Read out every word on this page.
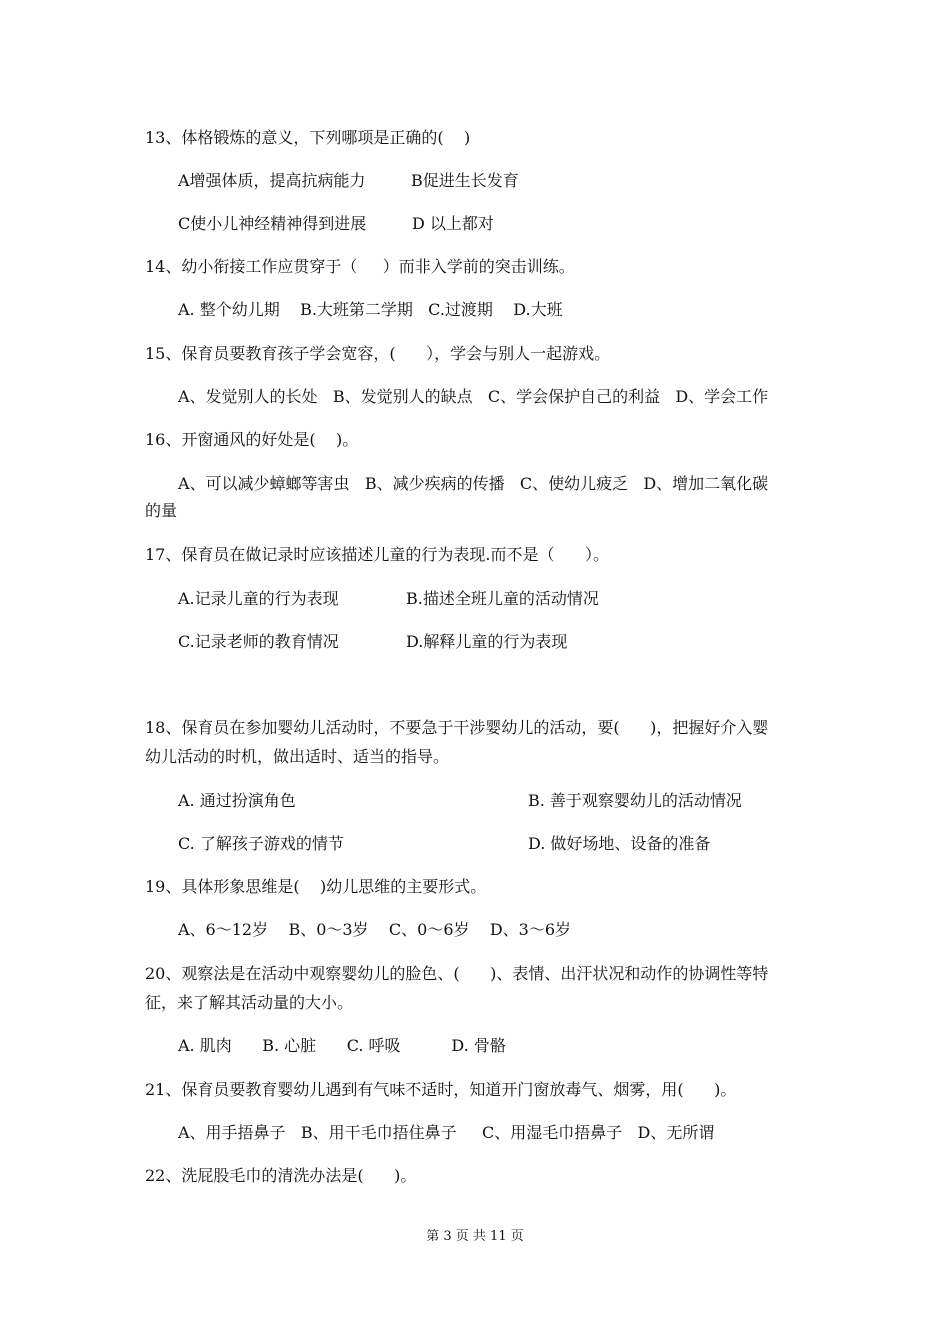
13、体格锻炼的意义，下列哪项是正确的(    )
A增强体质，提高抗病能力	B促进生长发育
C使小儿神经精神得到进展	D 以上都对
14、幼小衔接工作应贯穿于（     ）而非入学前的突击训练。
A. 整个幼儿期    B.大班第二学期   C.过渡期    D.大班
15、保育员要教育孩子学会宽容，(      ），学会与别人一起游戏。
A、发觉别人的长处   B、发觉别人的缺点   C、学会保护自己的利益   D、学会工作
16、开窗通风的好处是(    )。
A、可以减少蟑螂等害虫   B、减少疾病的传播   C、使幼儿疲乏   D、增加二氧化碳
的量
17、保育员在做记录时应该描述儿童的行为表现.而不是（      ）。
A.记录儿童的行为表现	B.描述全班儿童的活动情况
C.记录老师的教育情况	D.解释儿童的行为表现
18、保育员在参加婴幼儿活动时，不要急于干涉婴幼儿的活动，要(      )，把握好介入婴
幼儿活动的时机，做出适时、适当的指导。
A. 通过扮演角色	B. 善于观察婴幼儿的活动情况
C. 了解孩子游戏的情节	D. 做好场地、设备的准备
19、具体形象思维是(    )幼儿思维的主要形式。
A、6～12岁    B、0～3岁    C、0～6岁    D、3～6岁
20、观察法是在活动中观察婴幼儿的脸色、(      )、表情、出汗状况和动作的协调性等特
征，来了解其活动量的大小。
A. 肌肉      B. 心脏      C. 呼吸          D. 骨骼
21、保育员要教育婴幼儿遇到有气味不适时，知道开门窗放毒气、烟雾，用(      )。
A、用手捂鼻子   B、用干毛巾捂住鼻子     C、用湿毛巾捂鼻子   D、无所谓
22、洗屁股毛巾的清洗办法是(      )。
第 3 页 共 11 页
